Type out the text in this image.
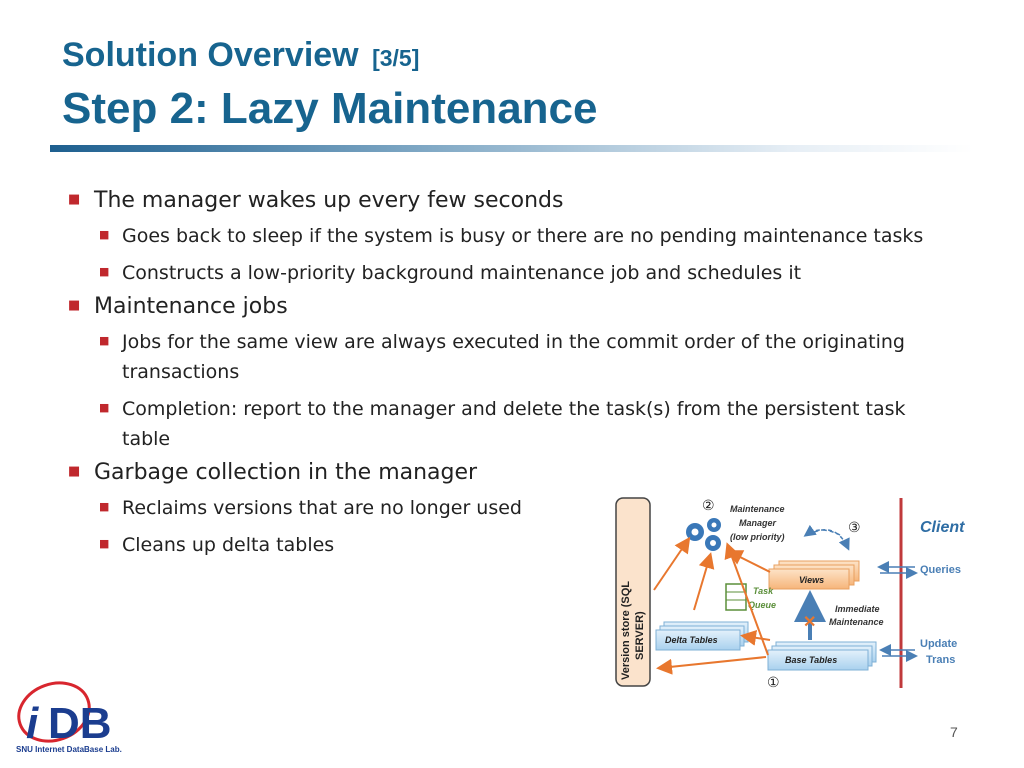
Solution Overview [3/5]
Step 2: Lazy Maintenance
■ The manager wakes up every few seconds
■ Goes back to sleep if the system is busy or there are no pending maintenance tasks
■ Constructs a low-priority background maintenance job and schedules it
■ Maintenance jobs
■ Jobs for the same view are always executed in the commit order of the originating transactions
■ Completion: report to the manager and delete the task(s) from the persistent task table
■ Garbage collection in the manager
■ Reclaims versions that are no longer used
■ Cleans up delta tables
Version store (SQL SERVER)
② Maintenance
Manager
(low priority)
③
Views
Task
Queue
✕
Immediate
Maintenance
Delta Tables
Base Tables
①
Client
Queries
Update
Trans
i DB
SNU Internet DataBase Lab.
7
